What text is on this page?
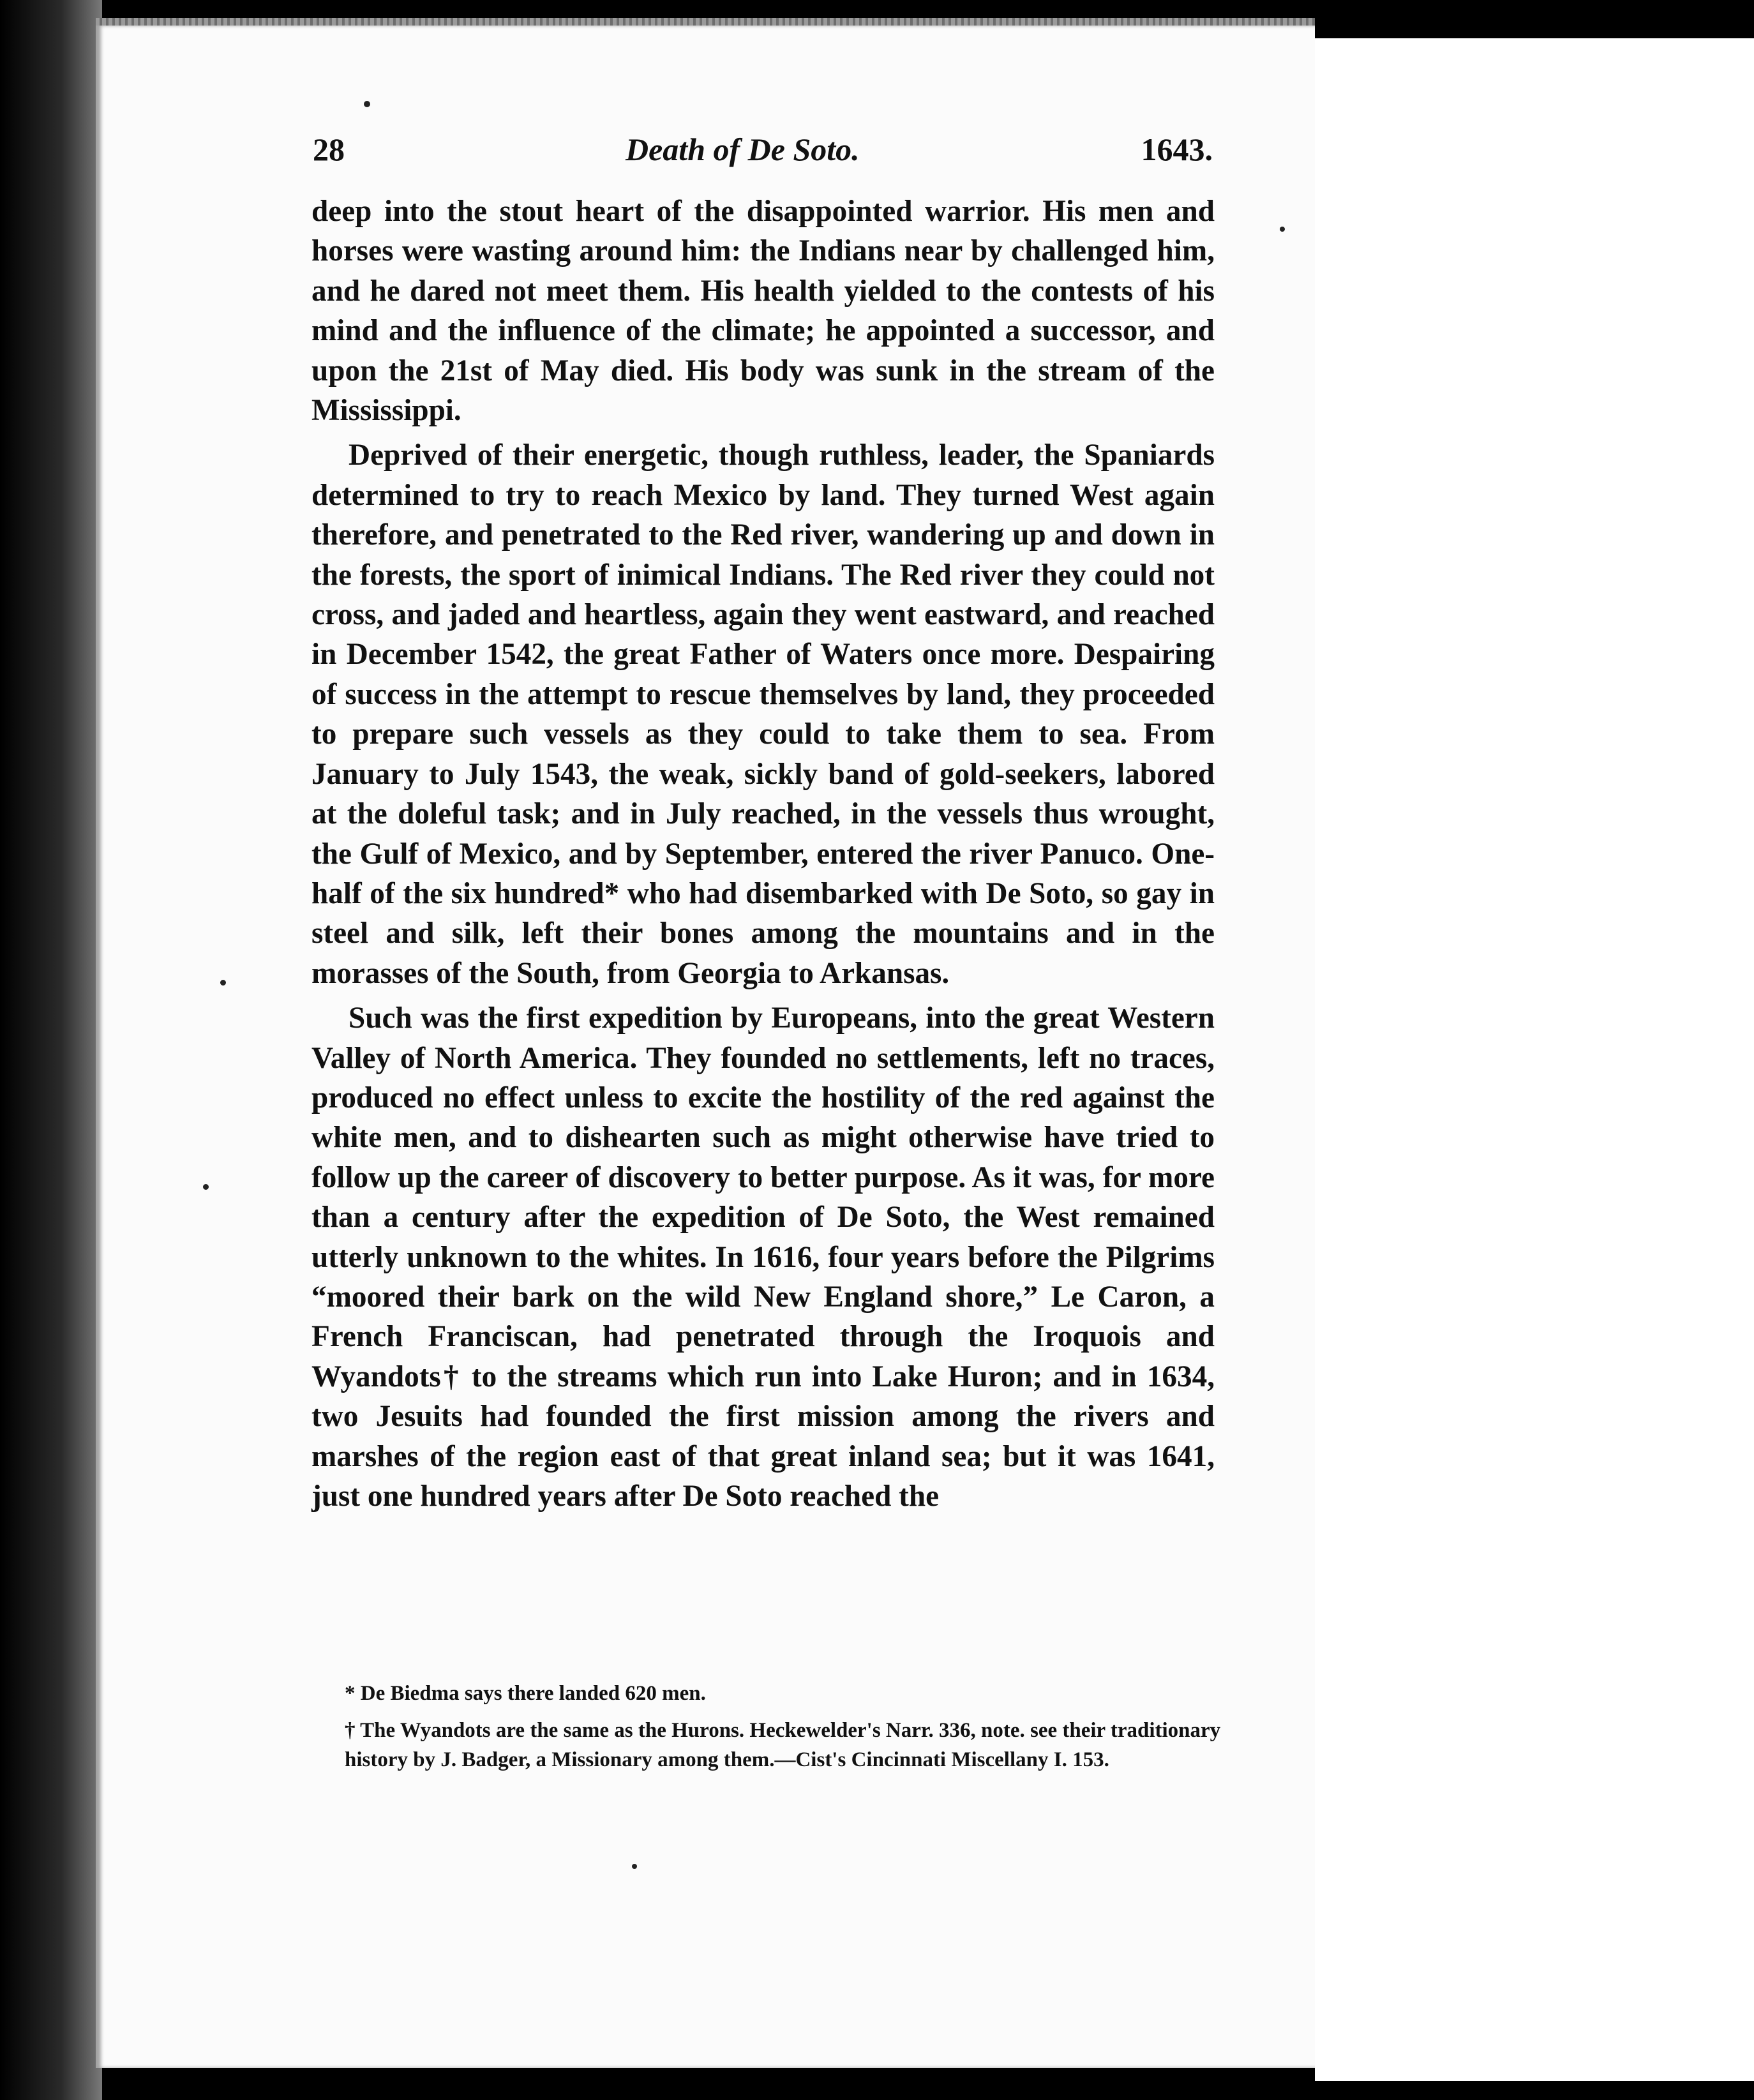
28	Death of De Soto.	1643.

deep into the stout heart of the disappointed warrior. His men and horses were wasting around him: the Indians near by challenged him, and he dared not meet them. His health yielded to the contests of his mind and the influence of the climate; he appointed a successor, and upon the 21st of May died. His body was sunk in the stream of the Mississippi.

Deprived of their energetic, though ruthless, leader, the Spaniards determined to try to reach Mexico by land. They turned West again therefore, and penetrated to the Red river, wandering up and down in the forests, the sport of inimical Indians. The Red river they could not cross, and jaded and heartless, again they went eastward, and reached in December 1542, the great Father of Waters once more. Despairing of success in the attempt to rescue themselves by land, they proceeded to prepare such vessels as they could to take them to sea. From January to July 1543, the weak, sickly band of gold-seekers, labored at the doleful task; and in July reached, in the vessels thus wrought, the Gulf of Mexico, and by September, entered the river Panuco. One-half of the six hundred* who had disembarked with De Soto, so gay in steel and silk, left their bones among the mountains and in the morasses of the South, from Georgia to Arkansas.

Such was the first expedition by Europeans, into the great Western Valley of North America. They founded no settlements, left no traces, produced no effect unless to excite the hostility of the red against the white men, and to dishearten such as might otherwise have tried to follow up the career of discovery to better purpose. As it was, for more than a century after the expedition of De Soto, the West remained utterly unknown to the whites. In 1616, four years before the Pilgrims “moored their bark on the wild New England shore,” Le Caron, a French Franciscan, had penetrated through the Iroquois and Wyandots† to the streams which run into Lake Huron; and in 1634, two Jesuits had founded the first mission among the rivers and marshes of the region east of that great inland sea; but it was 1641, just one hundred years after De Soto reached the

* De Biedma says there landed 620 men.

† The Wyandots are the same as the Hurons. Heckewelder's Narr. 336, note. see their traditionary history by J. Badger, a Missionary among them.—Cist's Cincinnati Miscellany I. 153.
